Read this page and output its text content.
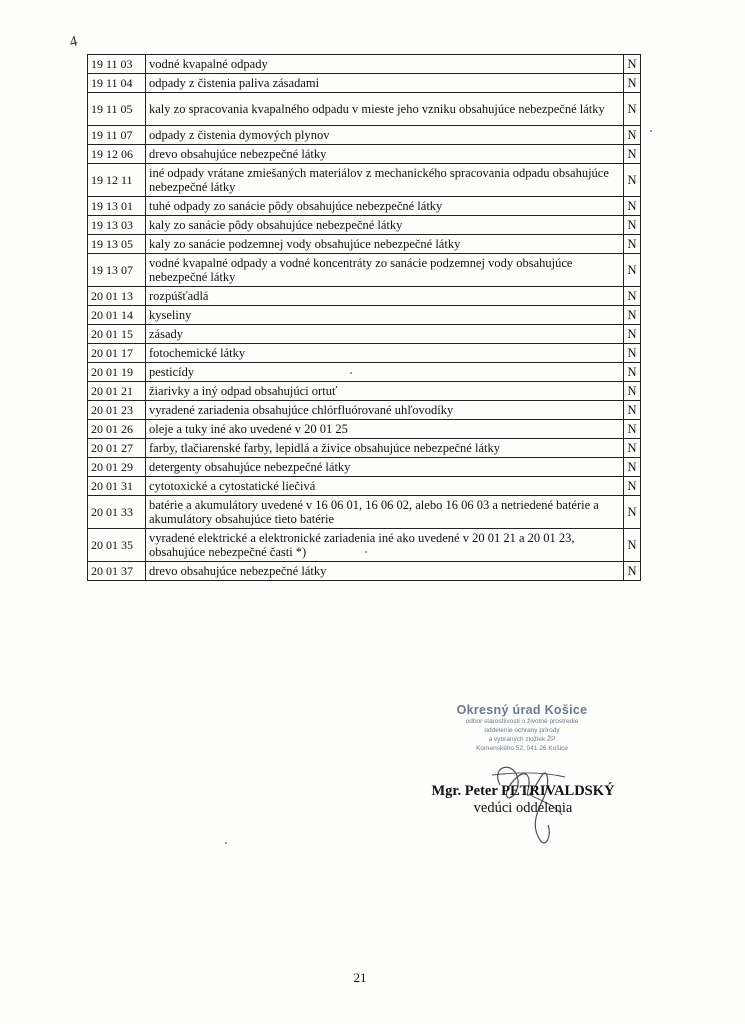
4
19 11 03	vodné kvapalné odpady	N
19 11 04	odpady z čistenia paliva zásadami	N
19 11 05	kaly zo spracovania kvapalného odpadu v mieste jeho vzniku obsahujúce nebezpečné látky	N
19 11 07	odpady z čistenia dymových plynov	N
19 12 06	drevo obsahujúce nebezpečné látky	N
19 12 11	iné odpady vrátane zmiešaných materiálov z mechanického spracovania odpadu obsahujúce nebezpečné látky	N
19 13 01	tuhé odpady zo sanácie pôdy obsahujúce nebezpečné látky	N
19 13 03	kaly zo sanácie pôdy obsahujúce nebezpečné látky	N
19 13 05	kaly zo sanácie podzemnej vody obsahujúce nebezpečné látky	N
19 13 07	vodné kvapalné odpady a vodné koncentráty zo sanácie podzemnej vody obsahujúce nebezpečné látky	N
20 01 13	rozpúšťadlá	N
20 01 14	kyseliny	N
20 01 15	zásady	N
20 01 17	fotochemické látky	N
20 01 19	pesticídy	N
20 01 21	žiarivky a iný odpad obsahujúci ortuť	N
20 01 23	vyradené zariadenia obsahujúce chlórfluórované uhľovodíky	N
20 01 26	oleje a tuky iné ako uvedené v 20 01 25	N
20 01 27	farby, tlačiarenské farby, lepidlá a živice obsahujúce nebezpečné látky	N
20 01 29	detergenty obsahujúce nebezpečné látky	N
20 01 31	cytotoxické a cytostatické liečivá	N
20 01 33	batérie a akumulátory uvedené v 16 06 01, 16 06 02, alebo 16 06 03 a netriedené batérie a akumulátory obsahujúce tieto batérie	N
20 01 35	vyradené elektrické a elektronické zariadenia iné ako uvedené v 20 01 21 a 20 01 23, obsahujúce nebezpečné časti *)	N
20 01 37	drevo obsahujúce nebezpečné látky	N
Okresný úrad Košice
odbor starostlivosti o životné prostredie
oddelenie ochrany prírody
a vybraných zložiek ŽP
Komenského 52, 041 26 Košice
Mgr. Peter PETRIVALDSKÝ
vedúci oddelenia
21
